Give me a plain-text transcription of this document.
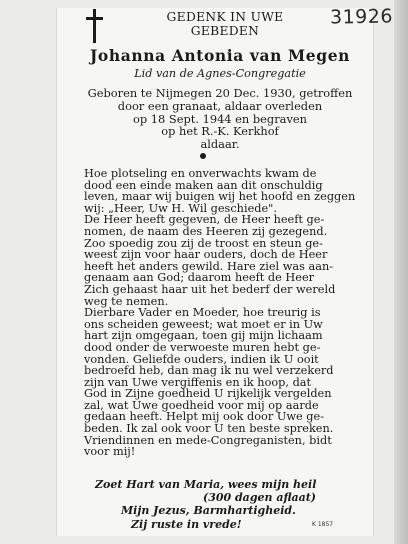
31926
GEDENK IN UWE
GEBEDEN
Johanna Antonia van Megen
Lid van de Agnes-Congregatie
Geboren te Nijmegen 20 Dec. 1930, getroffen
door een granaat, aldaar overleden
op 18 Sept. 1944 en begraven
op het R.-K. Kerkhof
aldaar.
Hoe plotseling en onverwachts kwam de
dood een einde maken aan dit onschuldig
leven, maar wij buigen wij het hoofd en zeggen
wij: „Heer, Uw H. Wil geschiede".
De Heer heeft gegeven, de Heer heeft ge-
nomen, de naam des Heeren zij gezegend.
Zoo spoedig zou zij de troost en steun ge-
weest zijn voor haar ouders, doch de Heer
heeft het anders gewild. Hare ziel was aan-
genaam aan God; daarom heeft de Heer
Zich gehaast haar uit het bederf der wereld
weg te nemen.
Dierbare Vader en Moeder, hoe treurig is
ons scheiden geweest; wat moet er in Uw
hart zijn omgegaan, toen gij mijn lichaam
dood onder de verwoeste muren hebt ge-
vonden. Geliefde ouders, indien ik U ooit
bedroefd heb, dan mag ik nu wel verzekerd
zijn van Uwe vergiffenis en ik hoop, dat
God in Zijne goedheid U rijkelijk vergelden
zal, wat Uwe goedheid voor mij op aarde
gedaan heeft. Helpt mij ook door Uwe ge-
beden. Ik zal ook voor U ten beste spreken.
Vriendinnen en mede-Congreganisten, bidt
voor mij!
Zoet Hart van Maria, wees mijn heil
(300 dagen aflaat)
Mijn Jezus, Barmhartigheid.
Zij ruste in vrede!	K 1857
